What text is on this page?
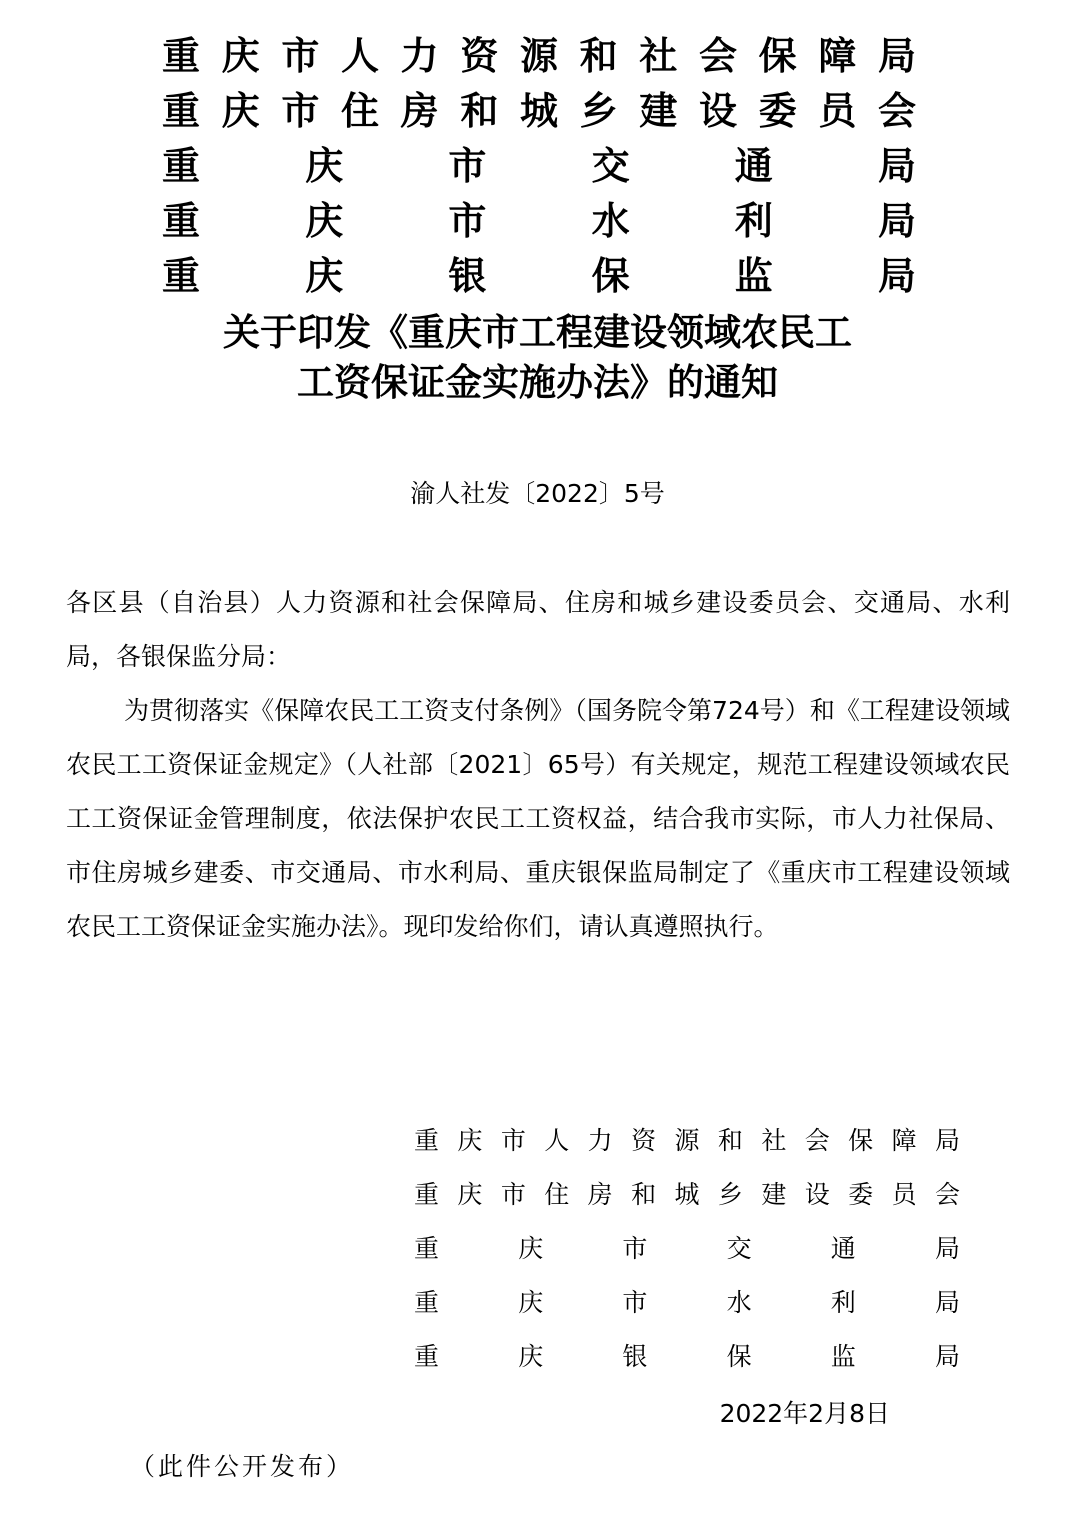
重庆市人力资源和社会保障局
重庆市住房和城乡建设委员会
重 庆 市 交 通 局
重 庆 市 水 利 局
重 庆 银 保 监 局
关于印发《重庆市工程建设领域农民工
工资保证金实施办法》的通知
渝人社发〔2022〕5号
各区县（自治县）人力资源和社会保障局、住房和城乡建设委员会、交通局、水利局，各银保监分局：
为贯彻落实《保障农民工工资支付条例》（国务院令第724号）和《工程建设领域农民工工资保证金规定》（人社部〔2021〕65号）有关规定，规范工程建设领域农民工工资保证金管理制度，依法保护农民工工资权益，结合我市实际，市人力社保局、市住房城乡建委、市交通局、市水利局、重庆银保监局制定了《重庆市工程建设领域农民工工资保证金实施办法》。现印发给你们，请认真遵照执行。
重庆市人力资源和社会保障局
重庆市住房和城乡建设委员会
重 庆 市 交 通 局
重 庆 市 水 利 局
重 庆 银 保 监 局
2022年2月8日
（此件公开发布）
